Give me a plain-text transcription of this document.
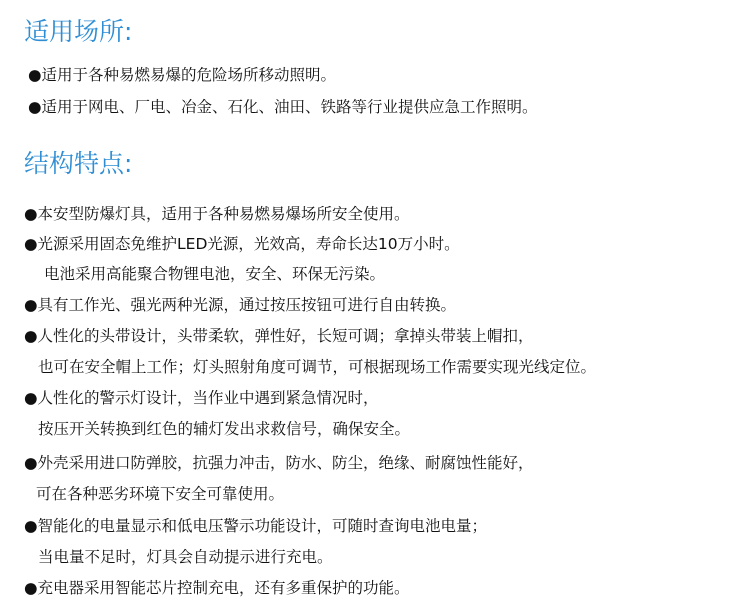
适用场所:
●适用于各种易燃易爆的危险场所移动照明。
●适用于网电、厂电、冶金、石化、油田、铁路等行业提供应急工作照明。
结构特点:
●本安型防爆灯具，适用于各种易燃易爆场所安全使用。
●光源采用固态免维护LED光源，光效高，寿命长达10万小时。
电池采用高能聚合物锂电池，安全、环保无污染。
●具有工作光、强光两种光源，通过按压按钮可进行自由转换。
●人性化的头带设计，头带柔软，弹性好，长短可调；拿掉头带装上帽扣，
也可在安全帽上工作；灯头照射角度可调节，可根据现场工作需要实现光线定位。
●人性化的警示灯设计，当作业中遇到紧急情况时，
按压开关转换到红色的辅灯发出求救信号，确保安全。
●外壳采用进口防弹胶，抗强力冲击，防水、防尘，绝缘、耐腐蚀性能好，
可在各种恶劣环境下安全可靠使用。
●智能化的电量显示和低电压警示功能设计，可随时查询电池电量；
当电量不足时，灯具会自动提示进行充电。
●充电器采用智能芯片控制充电，还有多重保护的功能。
